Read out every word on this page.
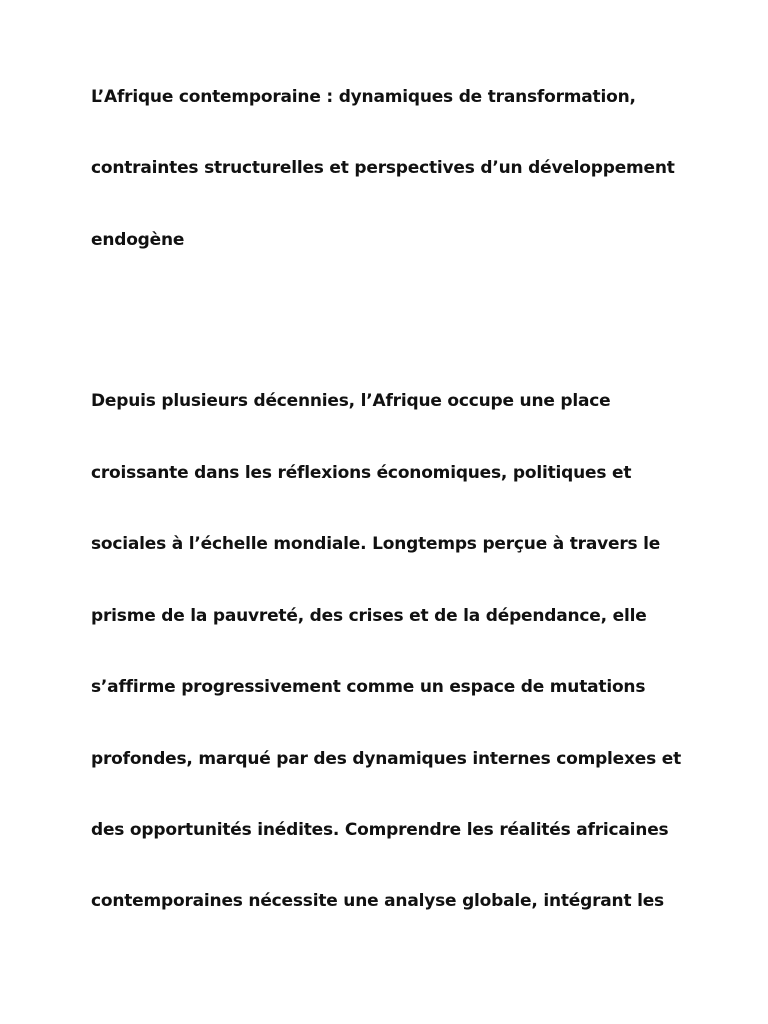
L’Afrique contemporaine : dynamiques de transformation,

contraintes structurelles et perspectives d’un développement

endogène

Depuis plusieurs décennies, l’Afrique occupe une place

croissante dans les réflexions économiques, politiques et

sociales à l’échelle mondiale. Longtemps perçue à travers le

prisme de la pauvreté, des crises et de la dépendance, elle

s’affirme progressivement comme un espace de mutations

profondes, marqué par des dynamiques internes complexes et

des opportunités inédites. Comprendre les réalités africaines

contemporaines nécessite une analyse globale, intégrant les
